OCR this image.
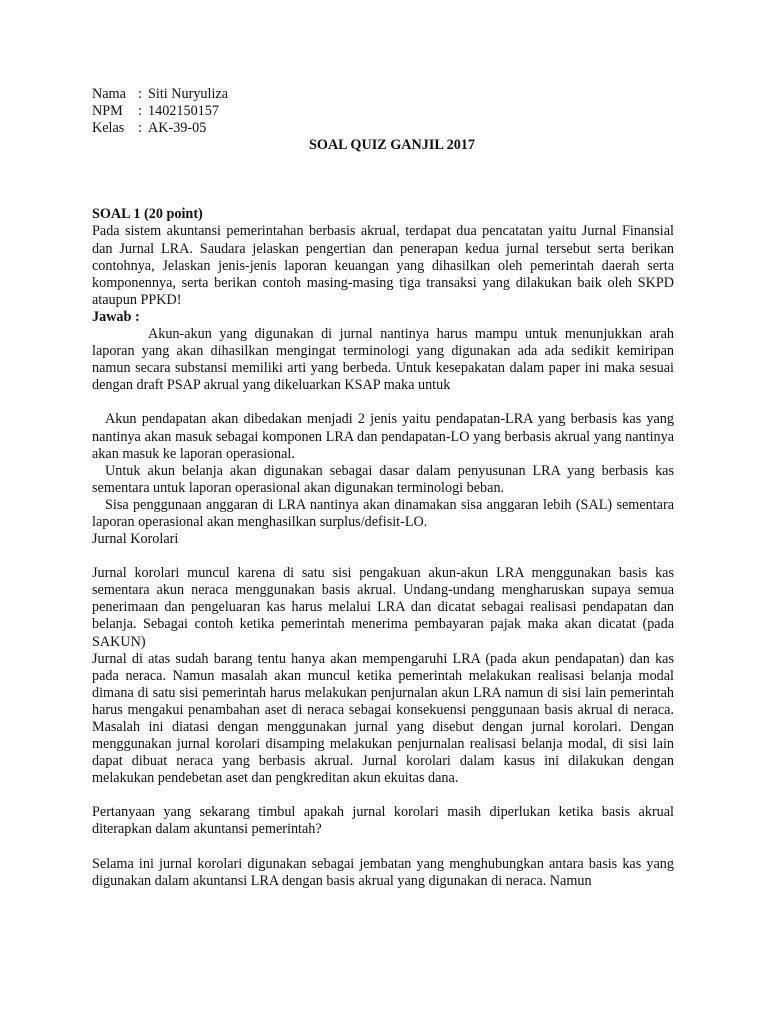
Nama : Siti Nuryuliza
NPM	: 1402150157
Kelas : AK-39-05
SOAL QUIZ GANJIL 2017
SOAL 1 (20 point)

Pada sistem akuntansi pemerintahan berbasis akrual, terdapat dua pencatatan yaitu Jurnal Finansial dan Jurnal LRA. Saudara jelaskan pengertian dan penerapan kedua jurnal tersebut serta berikan contohnya, Jelaskan jenis-jenis laporan keuangan yang dihasilkan oleh pemerintah daerah serta komponennya, serta berikan contoh masing-masing tiga transaksi yang dilakukan baik oleh SKPD ataupun PPKD!

Jawab :

Akun-akun yang digunakan di jurnal nantinya harus mampu untuk menunjukkan arah laporan yang akan dihasilkan mengingat terminologi yang digunakan ada ada sedikit kemiripan namun secara substansi memiliki arti yang berbeda. Untuk kesepakatan dalam paper ini maka sesuai dengan draft PSAP akrual yang dikeluarkan KSAP maka untuk

Akun pendapatan akan dibedakan menjadi 2 jenis yaitu pendapatan-LRA yang berbasis kas yang nantinya akan masuk sebagai komponen LRA dan pendapatan-LO yang berbasis akrual yang nantinya akan masuk ke laporan operasional.

Untuk akun belanja akan digunakan sebagai dasar dalam penyusunan LRA yang berbasis kas sementara untuk laporan operasional akan digunakan terminologi beban.

Sisa penggunaan anggaran di LRA nantinya akan dinamakan sisa anggaran lebih (SAL) sementara laporan operasional akan menghasilkan surplus/defisit-LO.

Jurnal Korolari

Jurnal korolari muncul karena di satu sisi pengakuan akun-akun LRA menggunakan basis kas sementara akun neraca menggunakan basis akrual. Undang-undang mengharuskan supaya semua penerimaan dan pengeluaran kas harus melalui LRA dan dicatat sebagai realisasi pendapatan dan belanja. Sebagai contoh ketika pemerintah menerima pembayaran pajak maka akan dicatat (pada SAKUN)

Jurnal di atas sudah barang tentu hanya akan mempengaruhi LRA (pada akun pendapatan) dan kas pada neraca. Namun masalah akan muncul ketika pemerintah melakukan realisasi belanja modal dimana di satu sisi pemerintah harus melakukan penjurnalan akun LRA namun di sisi lain pemerintah harus mengakui penambahan aset di neraca sebagai konsekuensi penggunaan basis akrual di neraca. Masalah ini diatasi dengan menggunakan jurnal yang disebut dengan jurnal korolari. Dengan menggunakan jurnal korolari disamping melakukan penjurnalan realisasi belanja modal, di sisi lain dapat dibuat neraca yang berbasis akrual. Jurnal korolari dalam kasus ini dilakukan dengan melakukan pendebetan aset dan pengkreditan akun ekuitas dana.

Pertanyaan yang sekarang timbul apakah jurnal korolari masih diperlukan ketika basis akrual diterapkan dalam akuntansi pemerintah?

Selama ini jurnal korolari digunakan sebagai jembatan yang menghubungkan antara basis kas yang digunakan dalam akuntansi LRA dengan basis akrual yang digunakan di neraca. Namun
